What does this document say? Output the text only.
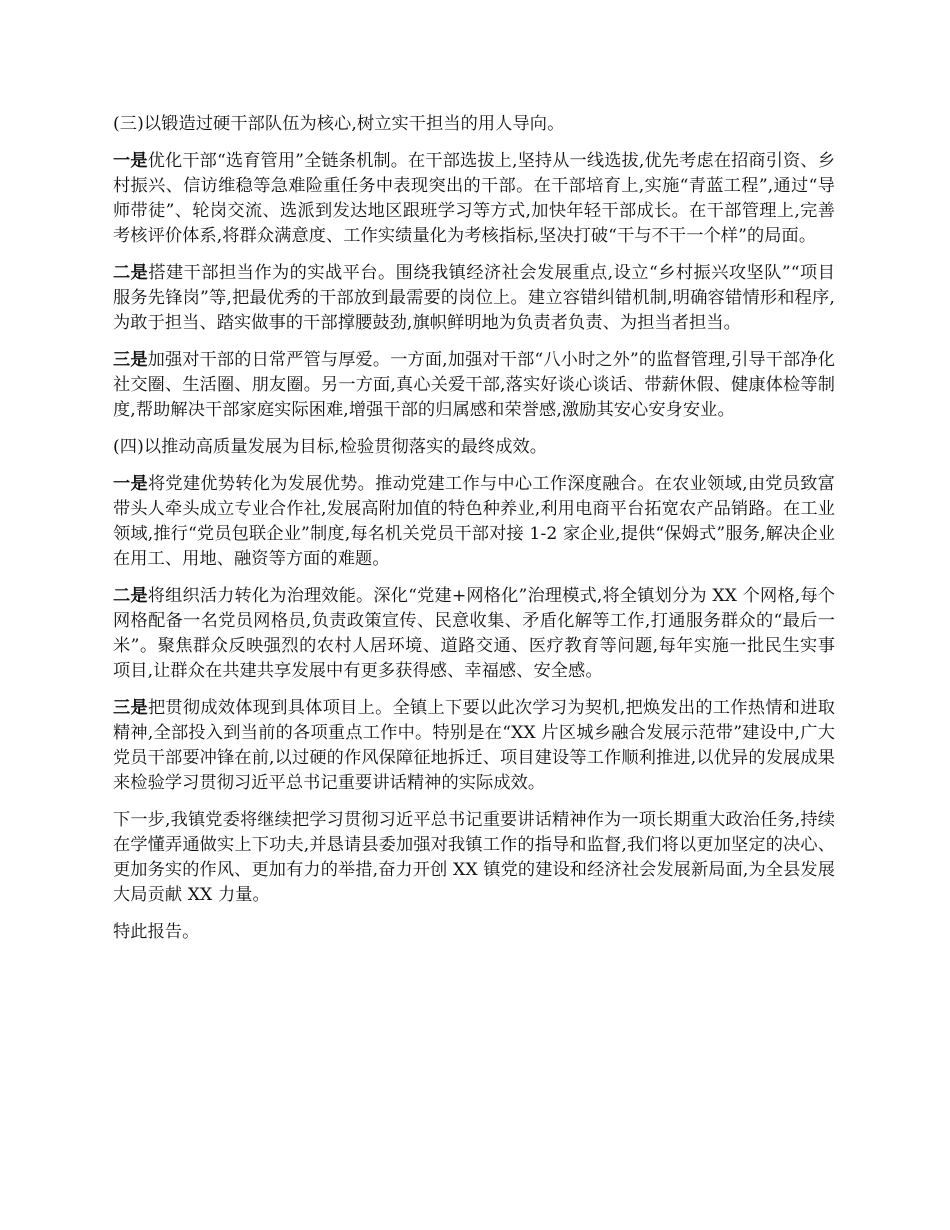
(三)以锻造过硬干部队伍为核心,树立实干担当的用人导向。

一是优化干部“选育管用”全链条机制。在干部选拔上,坚持从一线选拔,优先考虑在招商引资、乡村振兴、信访维稳等急难险重任务中表现突出的干部。在干部培育上,实施“青蓝工程”,通过“导师带徒”、轮岗交流、选派到发达地区跟班学习等方式,加快年轻干部成长。在干部管理上,完善考核评价体系,将群众满意度、工作实绩量化为考核指标,坚决打破“干与不干一个样”的局面。

二是搭建干部担当作为的实战平台。围绕我镇经济社会发展重点,设立“乡村振兴攻坚队”“项目服务先锋岗”等,把最优秀的干部放到最需要的岗位上。建立容错纠错机制,明确容错情形和程序,为敢于担当、踏实做事的干部撑腰鼓劲,旗帜鲜明地为负责者负责、为担当者担当。

三是加强对干部的日常严管与厚爱。一方面,加强对干部“八小时之外”的监督管理,引导干部净化社交圈、生活圈、朋友圈。另一方面,真心关爱干部,落实好谈心谈话、带薪休假、健康体检等制度,帮助解决干部家庭实际困难,增强干部的归属感和荣誉感,激励其安心安身安业。

(四)以推动高质量发展为目标,检验贯彻落实的最终成效。

一是将党建优势转化为发展优势。推动党建工作与中心工作深度融合。在农业领域,由党员致富带头人牵头成立专业合作社,发展高附加值的特色种养业,利用电商平台拓宽农产品销路。在工业领域,推行“党员包联企业”制度,每名机关党员干部对接 1-2 家企业,提供“保姆式”服务,解决企业在用工、用地、融资等方面的难题。

二是将组织活力转化为治理效能。深化“党建+网格化”治理模式,将全镇划分为 XX 个网格,每个网格配备一名党员网格员,负责政策宣传、民意收集、矛盾化解等工作,打通服务群众的“最后一米”。聚焦群众反映强烈的农村人居环境、道路交通、医疗教育等问题,每年实施一批民生实事项目,让群众在共建共享发展中有更多获得感、幸福感、安全感。

三是把贯彻成效体现到具体项目上。全镇上下要以此次学习为契机,把焕发出的工作热情和进取精神,全部投入到当前的各项重点工作中。特别是在“XX 片区城乡融合发展示范带”建设中,广大党员干部要冲锋在前,以过硬的作风保障征地拆迁、项目建设等工作顺利推进,以优异的发展成果来检验学习贯彻习近平总书记重要讲话精神的实际成效。

下一步,我镇党委将继续把学习贯彻习近平总书记重要讲话精神作为一项长期重大政治任务,持续在学懂弄通做实上下功夫,并恳请县委加强对我镇工作的指导和监督,我们将以更加坚定的决心、更加务实的作风、更加有力的举措,奋力开创 XX 镇党的建设和经济社会发展新局面,为全县发展大局贡献 XX 力量。

特此报告。
